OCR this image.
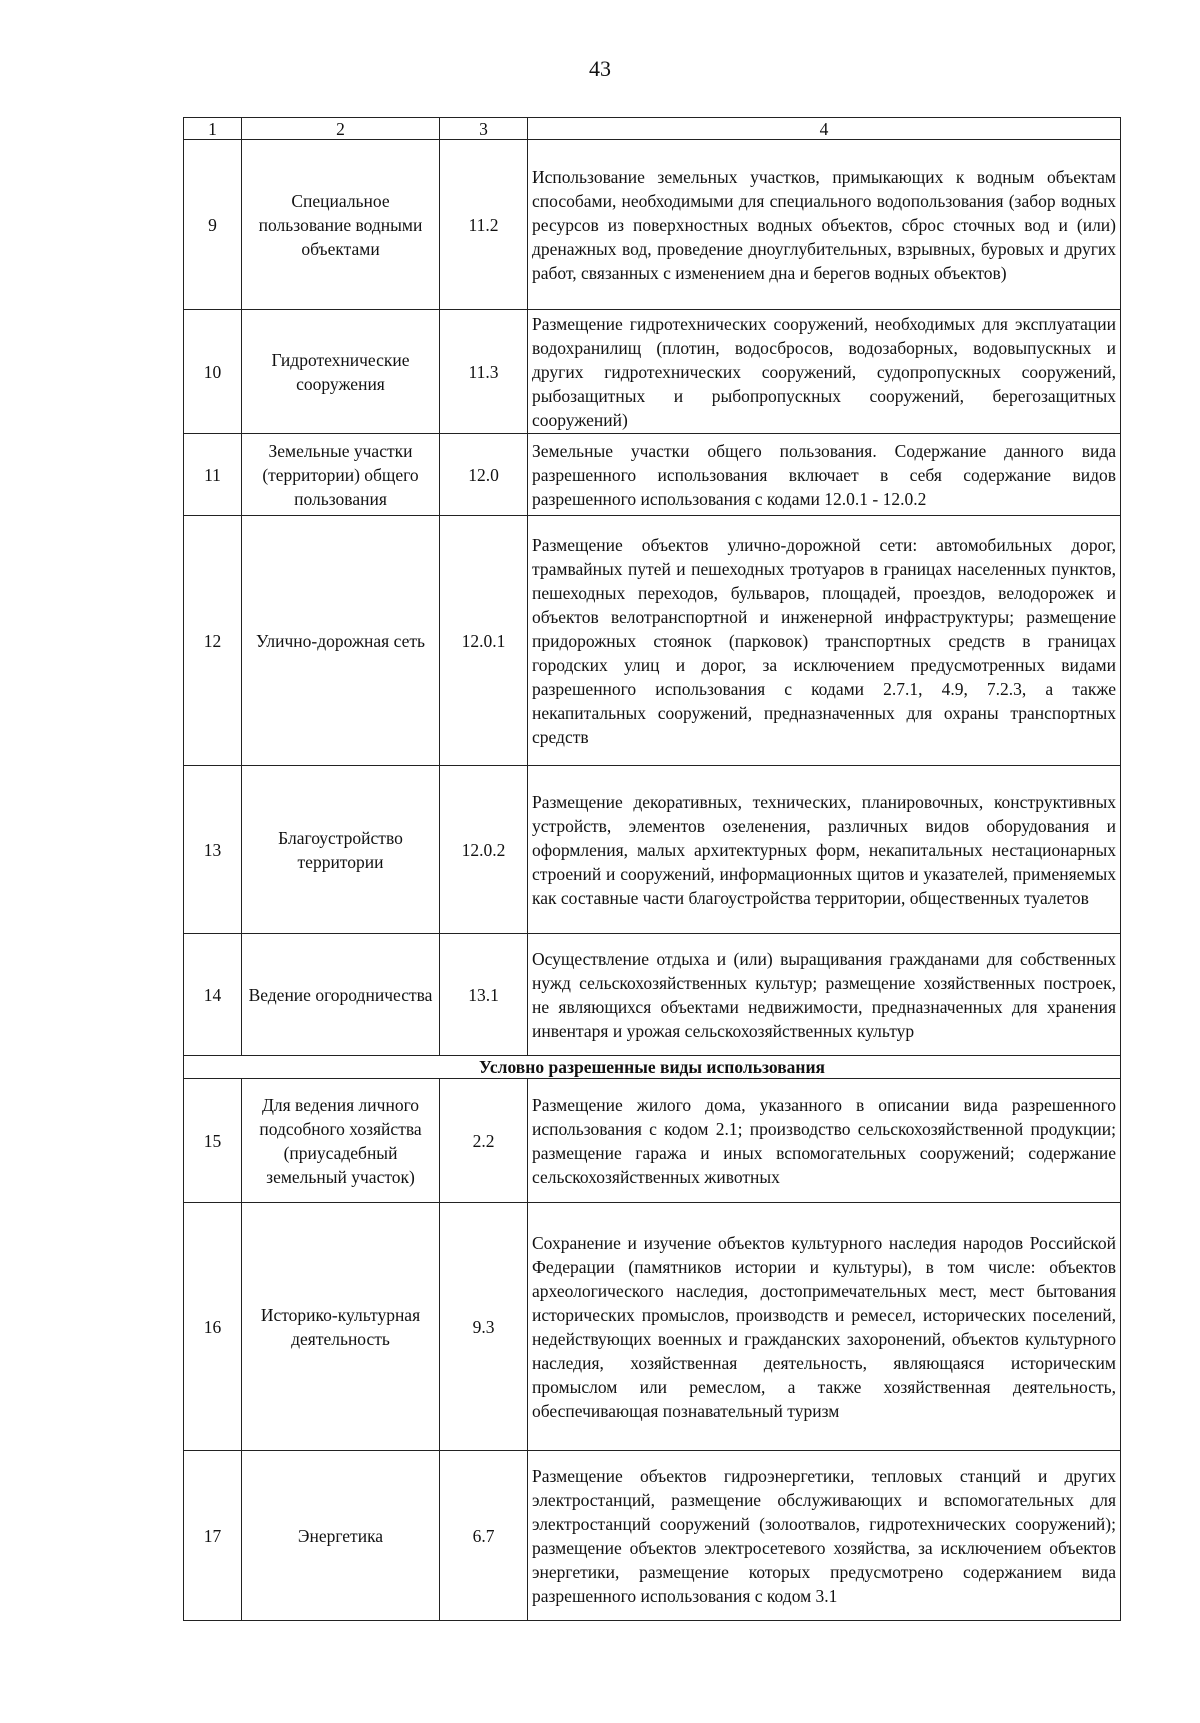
43
1	2	3	4
9	Специальное пользование водными объектами	11.2	Использование земельных участков, примыкающих к водным объектам способами, необходимыми для специального водопользования (забор водных ресурсов из поверхностных водных объектов, сброс сточных вод и (или) дренажных вод, проведение дноуглубительных, взрывных, буровых и других работ, связанных с изменением дна и берегов водных объектов)
10	Гидротехнические сооружения	11.3	Размещение гидротехнических сооружений, необходимых для эксплуатации водохранилищ (плотин, водосбросов, водозаборных, водовыпускных и других гидротехнических сооружений, судопропускных сооружений, рыбозащитных и рыбопропускных сооружений, берегозащитных сооружений)
11	Земельные участки (территории) общего пользования	12.0	Земельные участки общего пользования. Содержание данного вида разрешенного использования включает в себя содержание видов разрешенного использования с кодами 12.0.1 - 12.0.2
12	Улично-дорожная сеть	12.0.1	Размещение объектов улично-дорожной сети: автомобильных дорог, трамвайных путей и пешеходных тротуаров в границах населенных пунктов, пешеходных переходов, бульваров, площадей, проездов, велодорожек и объектов велотранспортной и инженерной инфраструктуры; размещение придорожных стоянок (парковок) транспортных средств в границах городских улиц и дорог, за исключением предусмотренных видами разрешенного использования с кодами 2.7.1, 4.9, 7.2.3, а также некапитальных сооружений, предназначенных для охраны транспортных средств
13	Благоустройство территории	12.0.2	Размещение декоративных, технических, планировочных, конструктивных устройств, элементов озеленения, различных видов оборудования и оформления, малых архитектурных форм, некапитальных нестационарных строений и сооружений, информационных щитов и указателей, применяемых как составные части благоустройства территории, общественных туалетов
14	Ведение огородничества	13.1	Осуществление отдыха и (или) выращивания гражданами для собственных нужд сельскохозяйственных культур; размещение хозяйственных построек, не являющихся объектами недвижимости, предназначенных для хранения инвентаря и урожая сельскохозяйственных культур
Условно разрешенные виды использования			
15	Для ведения личного подсобного хозяйства (приусадебный земельный участок)	2.2	Размещение жилого дома, указанного в описании вида разрешенного использования с кодом 2.1; производство сельскохозяйственной продукции; размещение гаража и иных вспомогательных сооружений; содержание сельскохозяйственных животных
16	Историко-культурная деятельность	9.3	Сохранение и изучение объектов культурного наследия народов Российской Федерации (памятников истории и культуры), в том числе: объектов археологического наследия, достопримечательных мест, мест бытования исторических промыслов, производств и ремесел, исторических поселений, недействующих военных и гражданских захоронений, объектов культурного наследия, хозяйственная деятельность, являющаяся историческим промыслом или ремеслом, а также хозяйственная деятельность, обеспечивающая познавательный туризм
17	Энергетика	6.7	Размещение объектов гидроэнергетики, тепловых станций и других электростанций, размещение обслуживающих и вспомогательных для электростанций сооружений (золоотвалов, гидротехнических сооружений); размещение объектов электросетевого хозяйства, за исключением объектов энергетики, размещение которых предусмотрено содержанием вида разрешенного использования с кодом 3.1
